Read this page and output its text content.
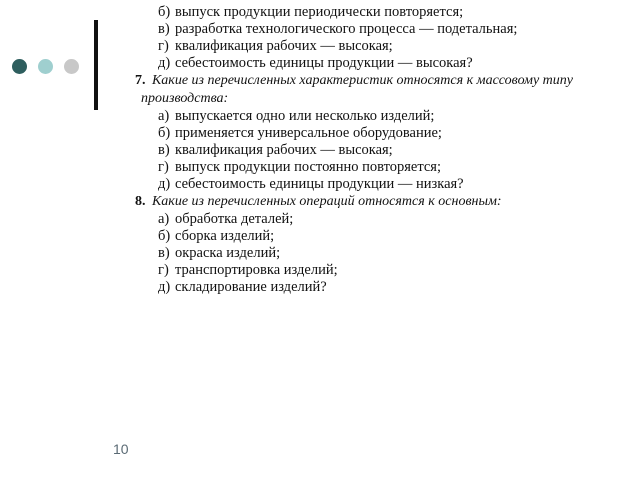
б) выпуск продукции периодически повторяется;
в) разработка технологического процесса — подетальная;
г) квалификация рабочих — высокая;
д) себестоимость единицы продукции — высокая?
7. Какие из перечисленных характеристик относятся к массовому типу
производства:
а) выпускается одно или несколько изделий;
б) применяется универсальное оборудование;
в) квалификация рабочих — высокая;
г) выпуск продукции постоянно повторяется;
д) себестоимость единицы продукции — низкая?
8. Какие из перечисленных операций относятся к основным:
а) обработка деталей;
б) сборка изделий;
в) окраска изделий;
г) транспортировка изделий;
д) складирование изделий?
10
